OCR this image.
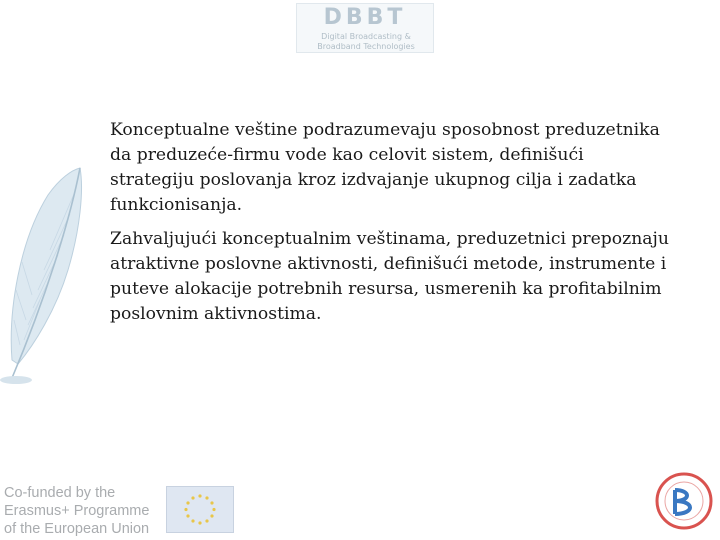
DBBT
Digital Broadcasting &
Broadband Technologies

Konceptualne veštine podrazumevaju sposobnost preduzetnika da preduzeće-firmu vode kao celovit sistem, definišući strategiju poslovanja kroz izdvajanje ukupnog cilja i zadatka funkcionisanja.

Zahvaljujući konceptualnim veštinama, preduzetnici prepoznaju atraktivne poslovne aktivnosti, definišući metode, instrumente i puteve alokacije potrebnih resursa, usmerenih ka profitabilnim poslovnim aktivnostima.

Co-funded by the
Erasmus+ Programme
of the European Union
